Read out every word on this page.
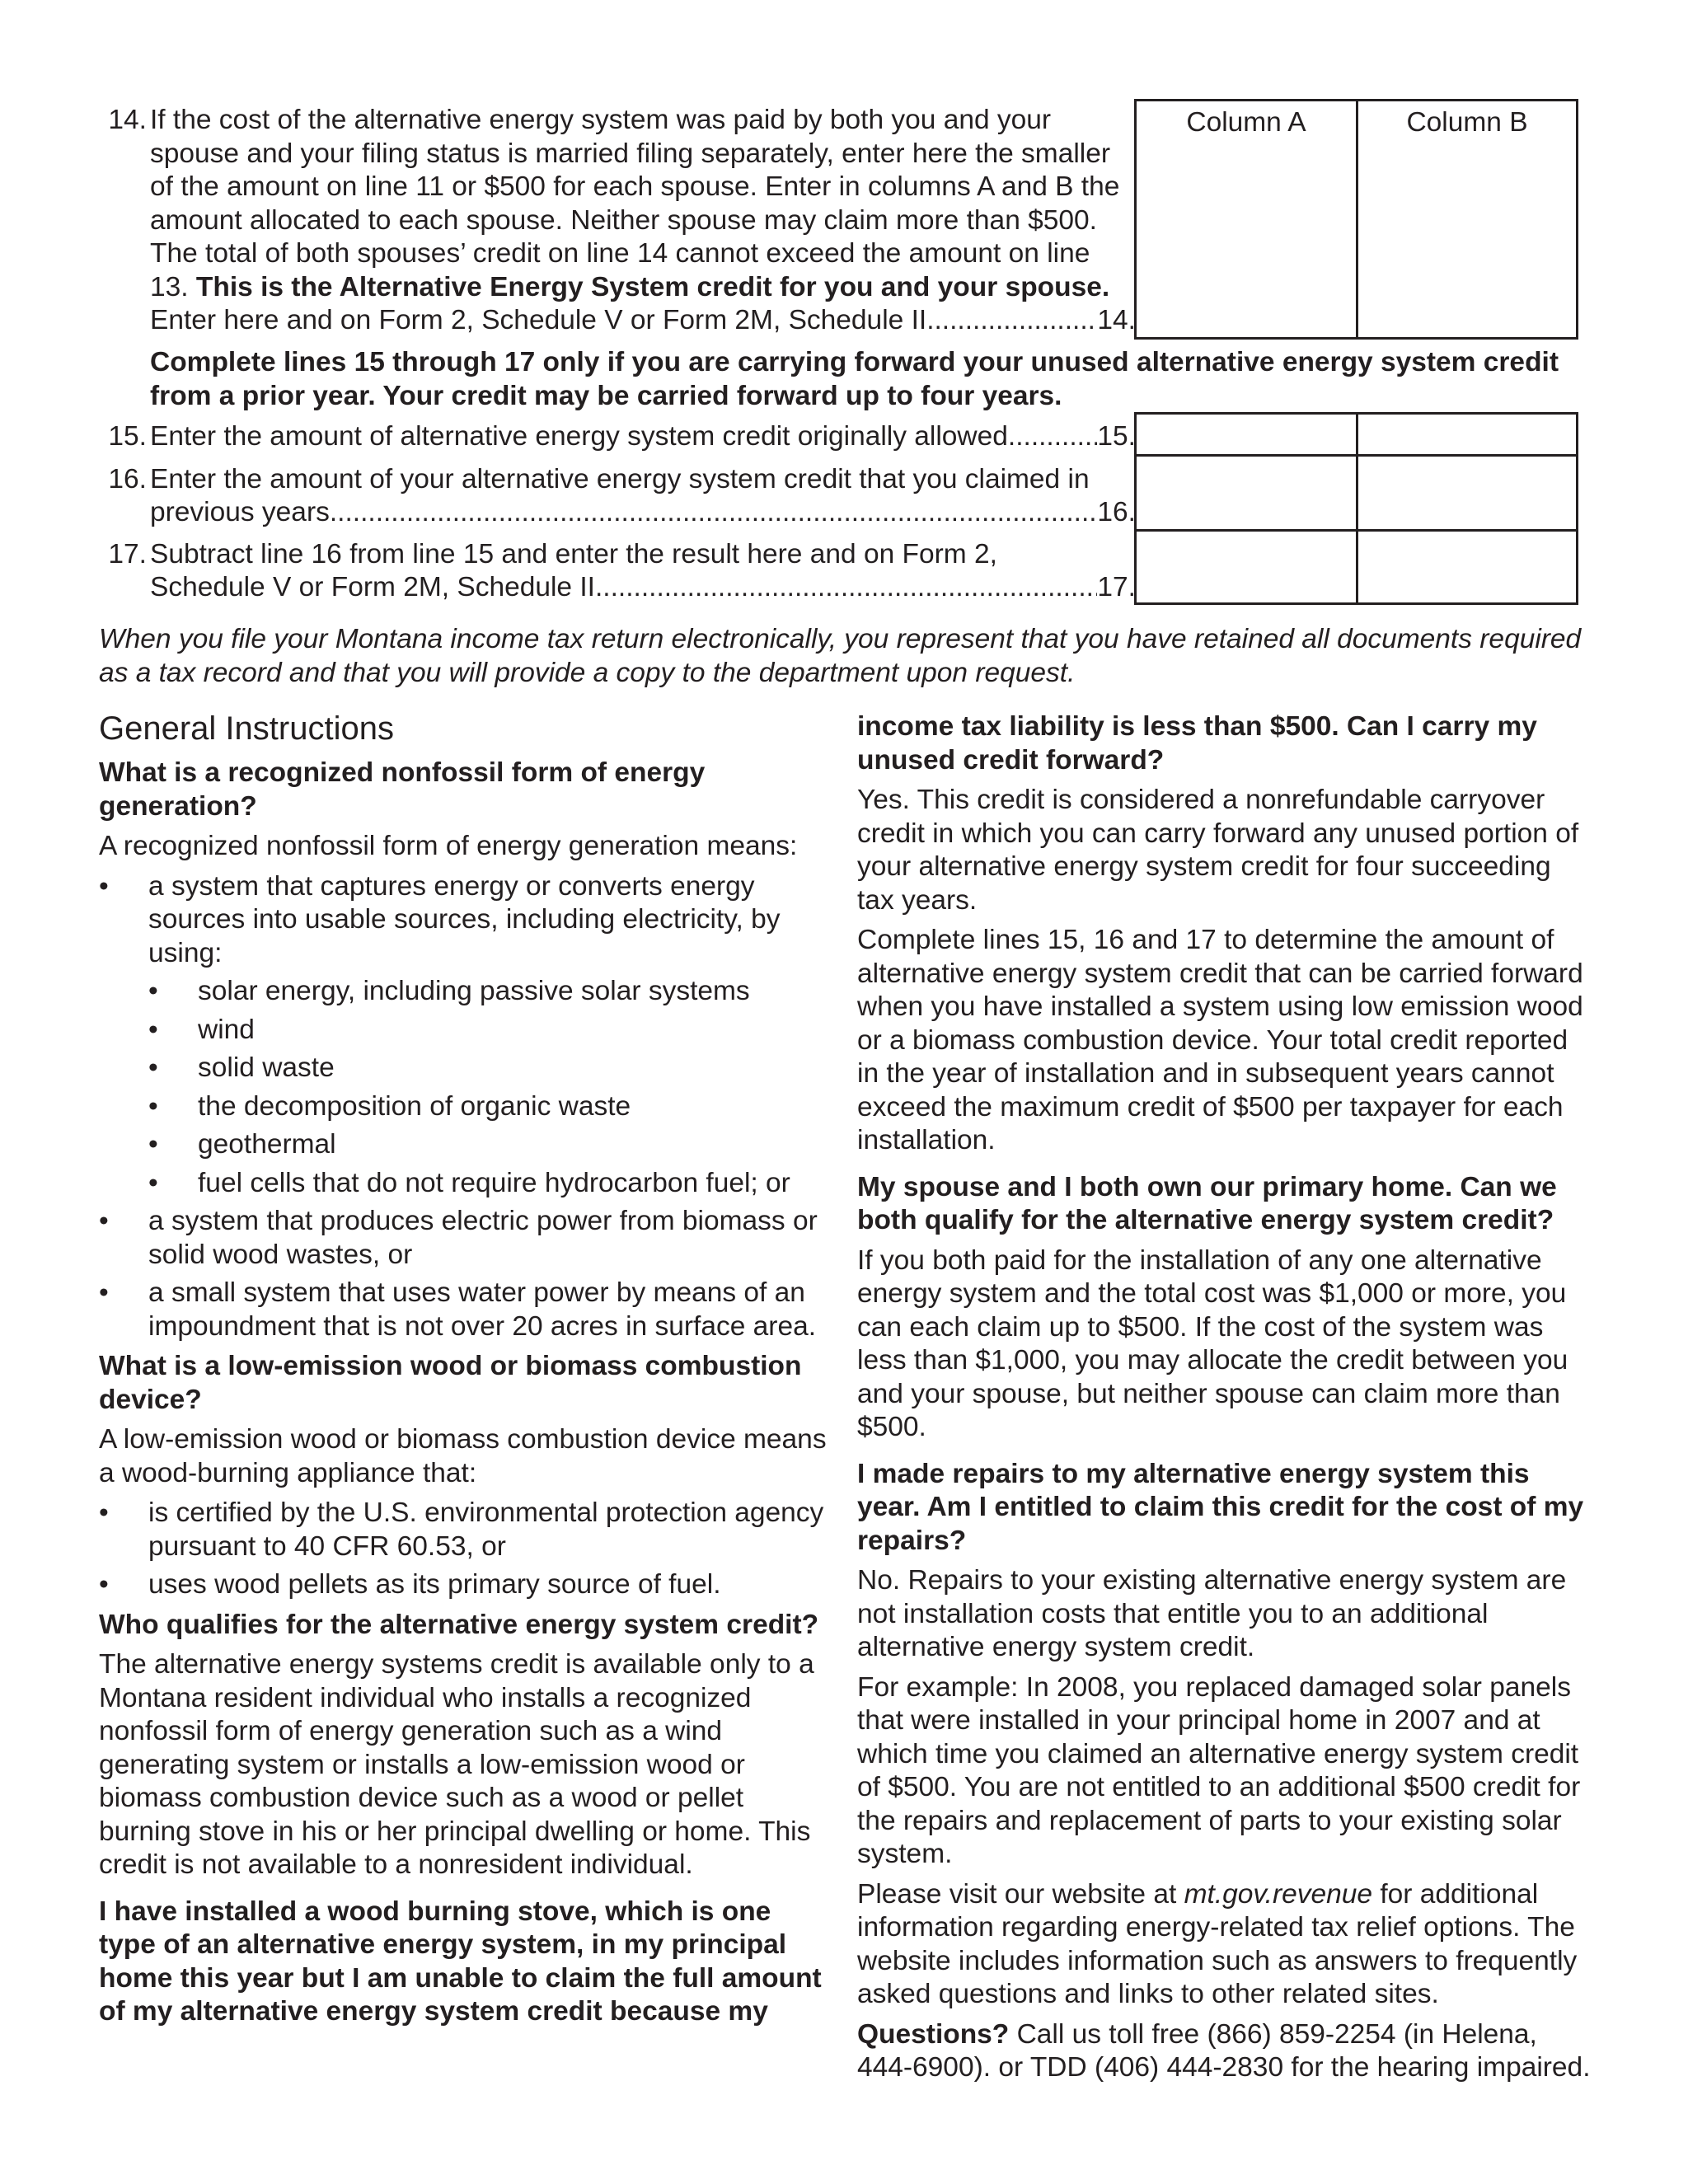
14. If the cost of the alternative energy system was paid by both you and your spouse and your filing status is married filing separately, enter here the smaller of the amount on line 11 or $500 for each spouse. Enter in columns A and B the amount allocated to each spouse. Neither spouse may claim more than $500. The total of both spouses’ credit on line 14 cannot exceed the amount on line 13. This is the Alternative Energy System credit for you and your spouse.
Enter here and on Form 2, Schedule V or Form 2M, Schedule II. .....	14.
Column A	Column B
Complete lines 15 through 17 only if you are carrying forward your unused alternative energy system credit from a prior year. Your credit may be carried forward up to four years.
15. Enter the amount of alternative energy system credit originally allowed. .....	15.
16. Enter the amount of your alternative energy system credit that you claimed in
previous years. .....	16.
17. Subtract line 16 from line 15 and enter the result here and on Form 2,
Schedule V or Form 2M, Schedule II .....	17.
When you file your Montana income tax return electronically, you represent that you have retained all documents required as a tax record and that you will provide a copy to the department upon request.
General Instructions
What is a recognized nonfossil form of energy generation?

A recognized nonfossil form of energy generation means:

• a system that captures energy or converts energy sources into usable sources, including electricity, by using:
• solar energy, including passive solar systems
• wind
• solid waste
• the decomposition of organic waste
• geothermal
• fuel cells that do not require hydrocarbon fuel; or
• a system that produces electric power from biomass or solid wood wastes, or
• a small system that uses water power by means of an impoundment that is not over 20 acres in surface area.
What is a low-emission wood or biomass combustion device?

A low-emission wood or biomass combustion device means a wood-burning appliance that:

• is certified by the U.S. environmental protection agency pursuant to 40 CFR 60.53, or
• uses wood pellets as its primary source of fuel.
Who qualifies for the alternative energy system credit?

The alternative energy systems credit is available only to a Montana resident individual who installs a recognized nonfossil form of energy generation such as a wind generating system or installs a low-emission wood or biomass combustion device such as a wood or pellet burning stove in his or her principal dwelling or home. This credit is not available to a nonresident individual.

I have installed a wood burning stove, which is one type of an alternative energy system, in my principal home this year but I am unable to claim the full amount of my alternative energy system credit because my
income tax liability is less than $500. Can I carry my unused credit forward?

Yes. This credit is considered a nonrefundable carryover credit in which you can carry forward any unused portion of your alternative energy system credit for four succeeding tax years.

Complete lines 15, 16 and 17 to determine the amount of alternative energy system credit that can be carried forward when you have installed a system using low emission wood or a biomass combustion device. Your total credit reported in the year of installation and in subsequent years cannot exceed the maximum credit of $500 per taxpayer for each installation.

My spouse and I both own our primary home. Can we both qualify for the alternative energy system credit?

If you both paid for the installation of any one alternative energy system and the total cost was $1,000 or more, you can each claim up to $500. If the cost of the system was less than $1,000, you may allocate the credit between you and your spouse, but neither spouse can claim more than $500.

I made repairs to my alternative energy system this year. Am I entitled to claim this credit for the cost of my repairs?

No. Repairs to your existing alternative energy system are not installation costs that entitle you to an additional alternative energy system credit.

For example: In 2008, you replaced damaged solar panels that were installed in your principal home in 2007 and at which time you claimed an alternative energy system credit of $500. You are not entitled to an additional $500 credit for the repairs and replacement of parts to your existing solar system.

Please visit our website at mt.gov.revenue for additional information regarding energy-related tax relief options. The website includes information such as answers to frequently asked questions and links to other related sites.

Questions? Call us toll free (866) 859-2254 (in Helena, 444-6900). or TDD (406) 444-2830 for the hearing impaired.
